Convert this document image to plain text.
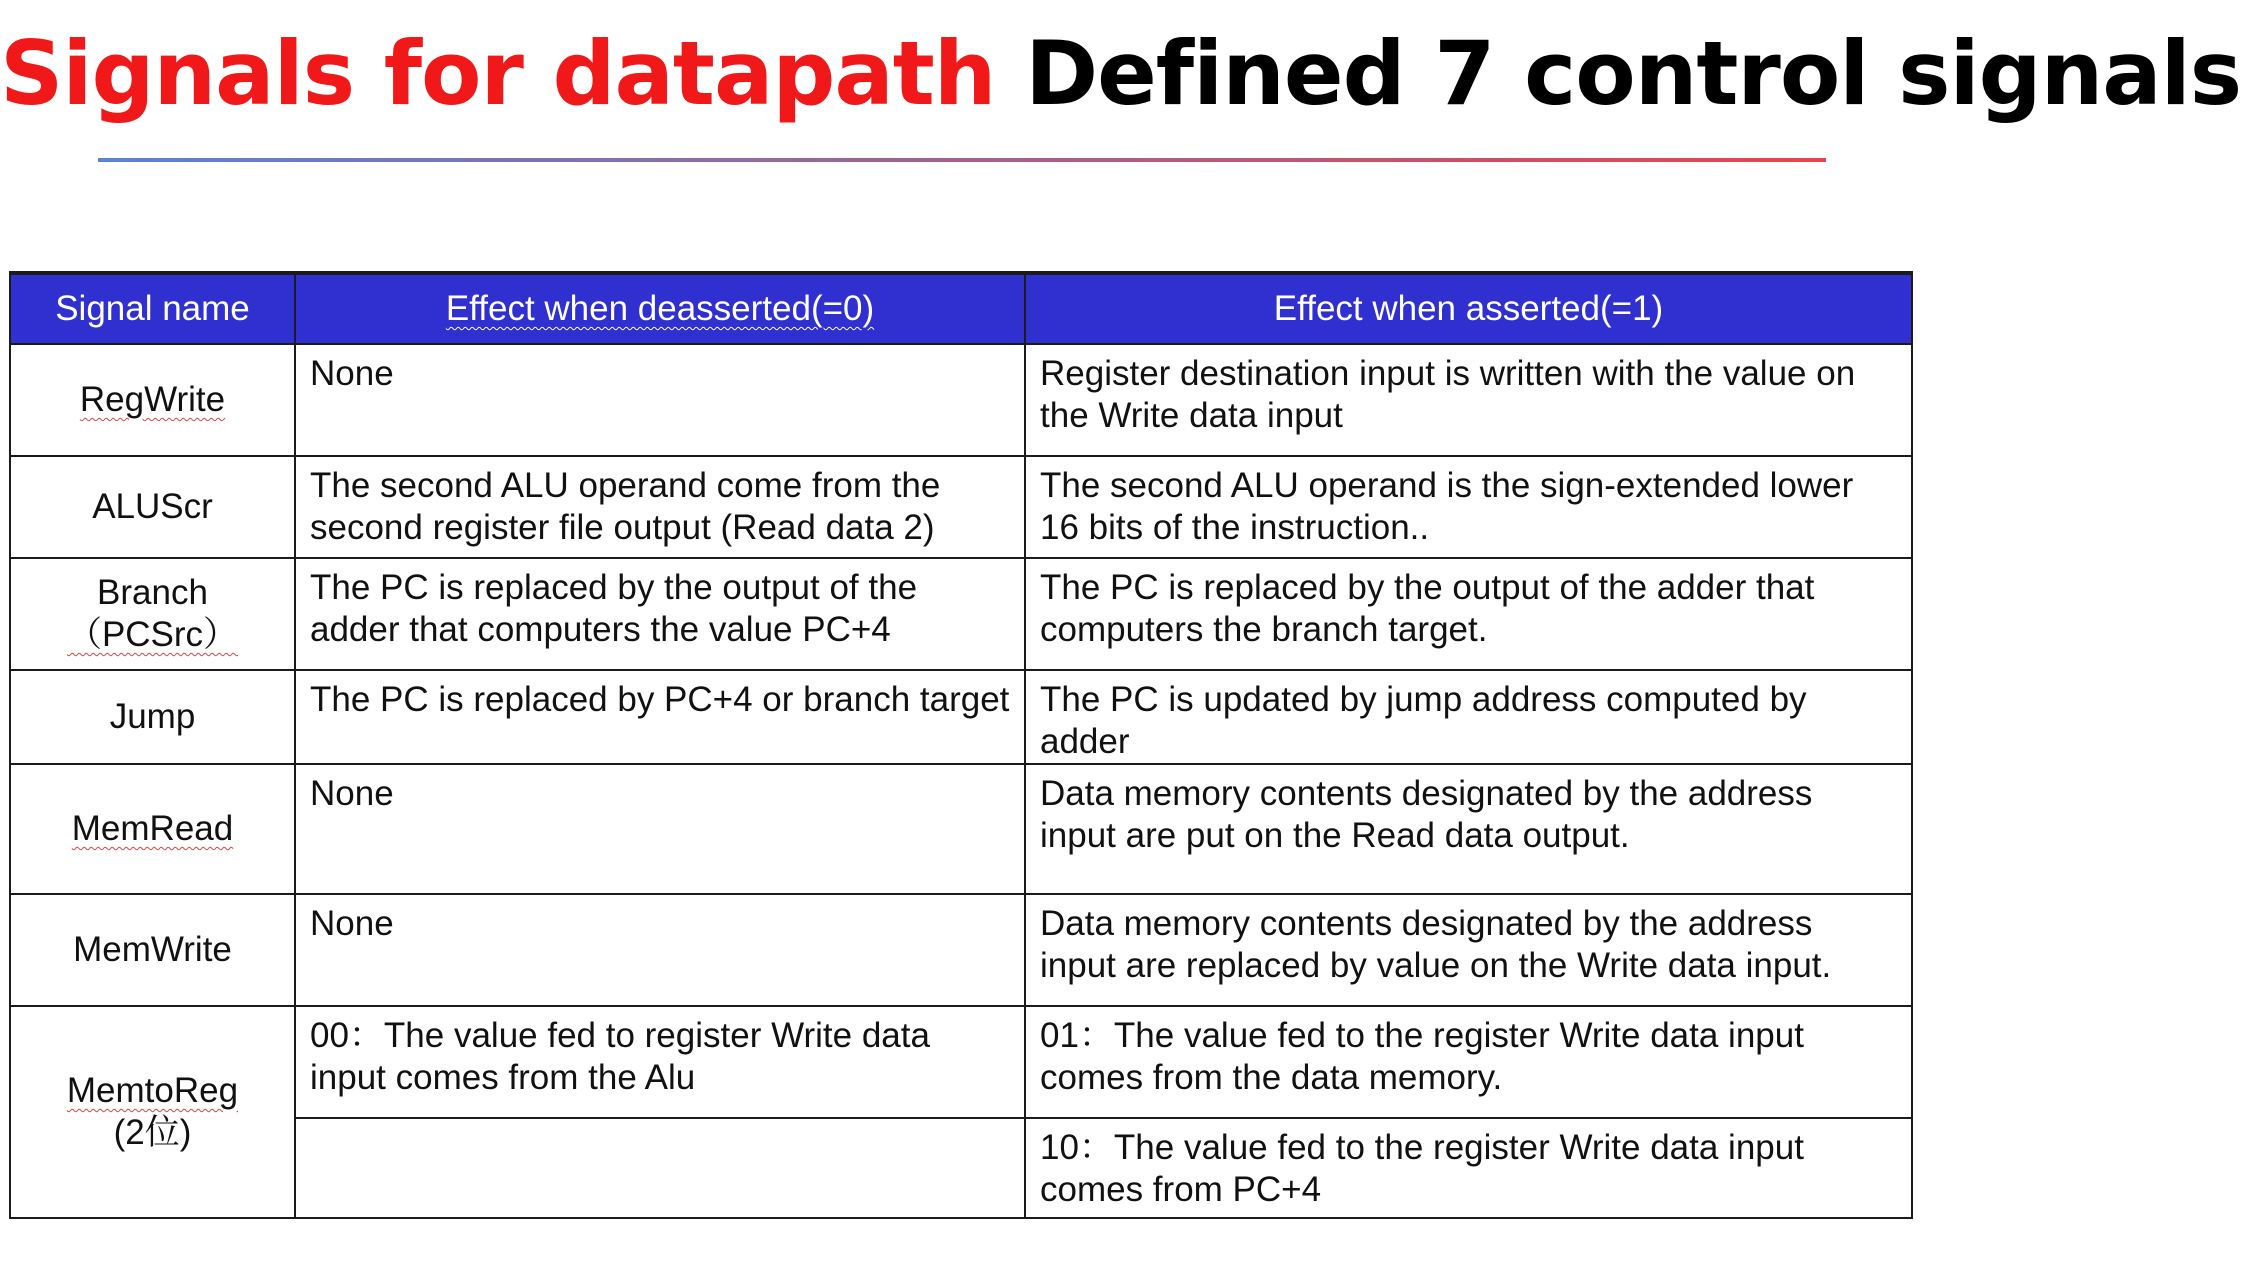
Signals for datapath Defined 7 control signals
Signal name	Effect when deasserted(=0)	Effect when asserted(=1)
RegWrite	None	Register destination input is written with the value on the Write data input
ALUScr	The second ALU operand come from the second register file output (Read data 2)	The second ALU operand is the sign-extended lower 16 bits of the instruction..

Branch
（PCSrc）	The PC is replaced by the output of the adder that computers the value PC+4	The PC is replaced by the output of the adder that computers the branch target.
Jump	The PC is replaced by PC+4 or branch target	The PC is updated by jump address computed by adder
MemRead	None	Data memory contents designated by the address input are put on the Read data output.
MemWrite	None	Data memory contents designated by the address input are replaced by value on the Write data input.

MemtoReg
(2位)	00：The value fed to register Write data input comes from the Alu	01：The value fed to the register Write data input comes from the data memory.
		10：The value fed to the register Write data input comes from PC+4
